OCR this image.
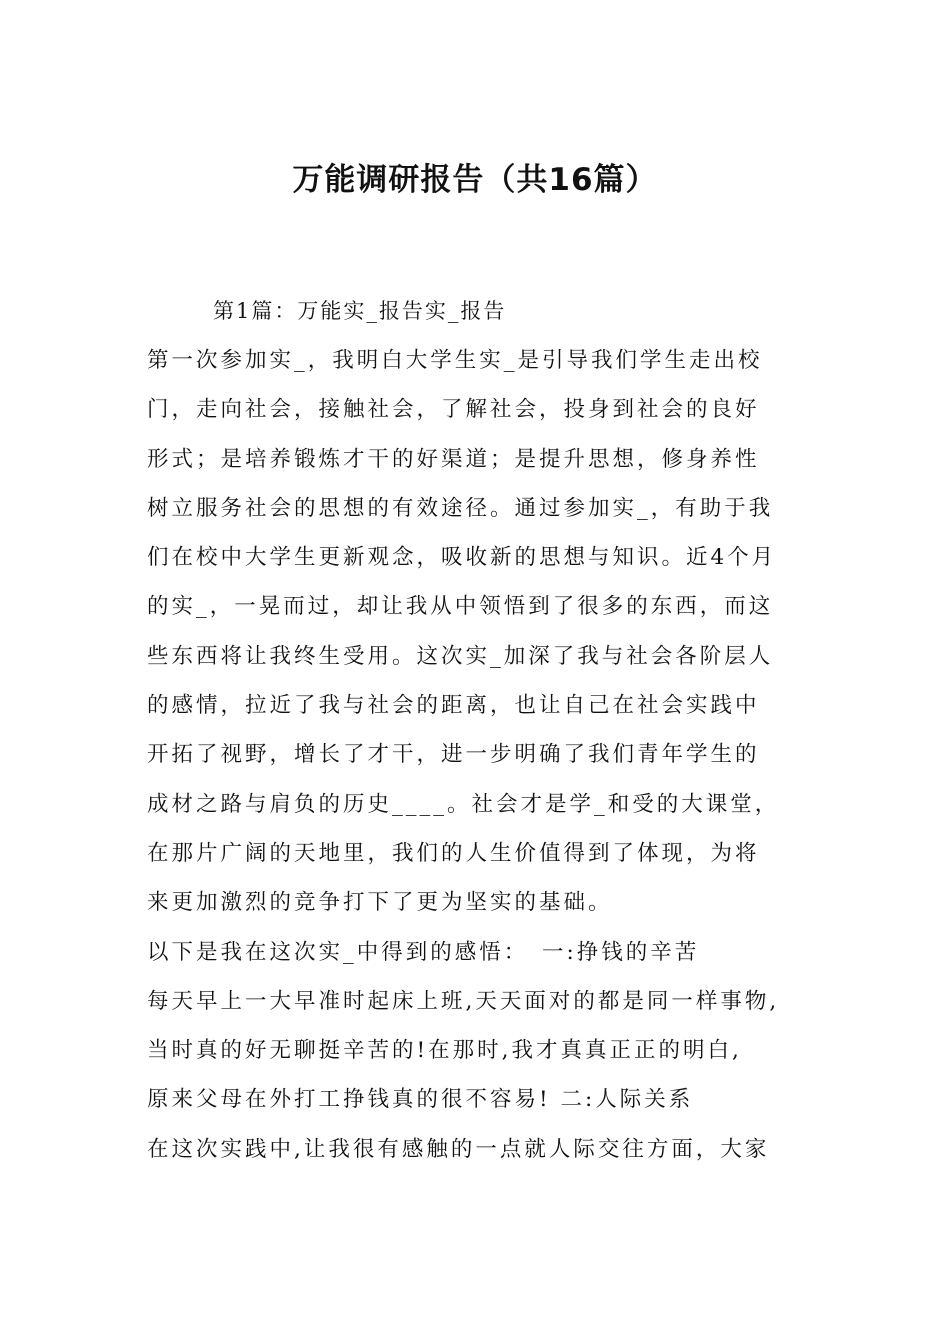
万能调研报告（共16篇）
第1篇：万能实_报告实_报告
第一次参加实_，我明白大学生实_是引导我们学生走出校
门，走向社会，接触社会，了解社会，投身到社会的良好
形式；是培养锻炼才干的好渠道；是提升思想，修身养性
树立服务社会的思想的有效途径。通过参加实_，有助于我
们在校中大学生更新观念，吸收新的思想与知识。近4个月
的实_，一晃而过，却让我从中领悟到了很多的东西，而这
些东西将让我终生受用。这次实_加深了我与社会各阶层人
的感情，拉近了我与社会的距离，也让自己在社会实践中
开拓了视野，增长了才干，进一步明确了我们青年学生的
成材之路与肩负的历史____。社会才是学_和受的大课堂，
在那片广阔的天地里，我们的人生价值得到了体现，为将
来更加激烈的竞争打下了更为坚实的基础。
以下是我在这次实_中得到的感悟：　一:挣钱的辛苦
每天早上一大早准时起床上班,天天面对的都是同一样事物,
当时真的好无聊挺辛苦的!在那时,我才真真正正的明白,
原来父母在外打工挣钱真的很不容易! 二:人际关系
在这次实践中,让我很有感触的一点就人际交往方面，大家
